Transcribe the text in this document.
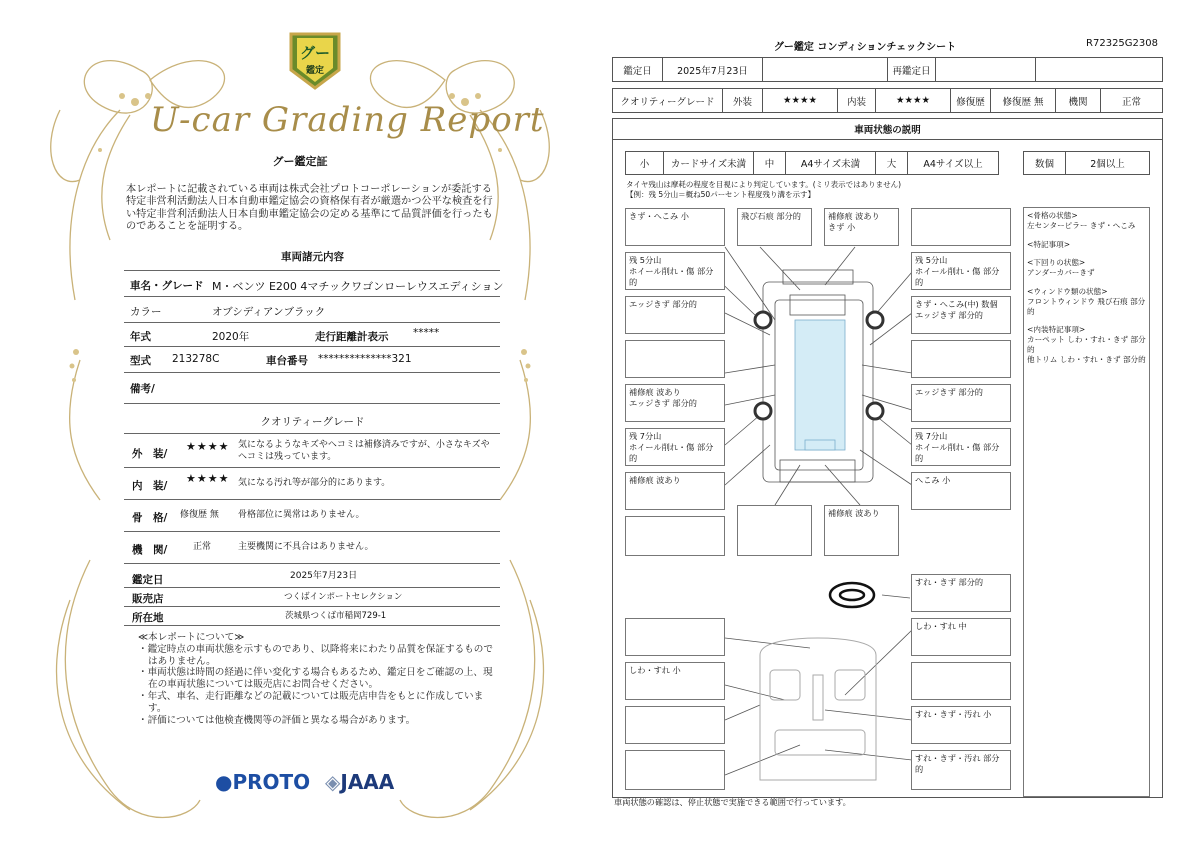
グー
鑑定
U-car Grading Report
グー鑑定証
本レポートに記載されている車両は株式会社プロトコーポレーションが委託する特定非営利活動法人日本自動車鑑定協会の資格保有者が厳選かつ公平な検査を行い特定非営利活動法人日本自動車鑑定協会の定める基準にて品質評価を行ったものであることを証明する。
車両諸元内容
車名・グレード M・ベンツ E200 4マチックワゴンローレウスエディション
カラー	オブシディアンブラック
年式	2020年	走行距離計表示 *****
型式 213278C	車台番号 **************321
備考/
クオリティーグレード
外　装/
★★★★ 気になるようなキズやヘコミは補修済みですが、小さなキズやヘコミは残っています。
内　装/
★★★★ 気になる汚れ等が部分的にあります。
骨　格/ 修復歴 無 骨格部位に異常はありません。
機　関/	正常	主要機関に不具合はありません。
鑑定日	2025年7月23日
販売店	つくばインポートセレクション
所在地	茨城県つくば市稲岡729-1
≪本レポートについて≫
・鑑定時点の車両状態を示すものであり、以降将来にわたり品質を保証するものではありません。
・車両状態は時間の経過に伴い変化する場合もあるため、鑑定日をご確認の上、現在の車両状態については販売店にお問合せください。
・年式、車名、走行距離などの記載については販売店申告をもとに作成しています。
・評価については他検査機関等の評価と異なる場合があります。
●PROTO ◈JAAA
グー鑑定 コンディションチェックシート	R72325G2308
鑑定日	2025年7月23日	再鑑定日
クオリティーグレード	外装	★★★★	内装	★★★★	修復歴	修復歴 無	機関	正常
車両状態の説明
小	カードサイズ未満	中	A4サイズ未満	大	A4サイズ以上	数個	2個以上
タイヤ残山は摩耗の程度を目視により判定しています。(ミリ表示ではありません)
【例：残 5分山＝概ね50パーセント程度残り溝を示す】
きず・へこみ 小	飛び石痕 部分的	補修痕 波あり
きず 小
残 5分山
ホイール削れ・傷 部分的
残 5分山
ホイール削れ・傷 部分的
エッジきず 部分的	きず・へこみ(中) 数個
エッジきず 部分的
補修痕 波あり
エッジきず 部分的
エッジきず 部分的
残 7分山
ホイール削れ・傷 部分的
残 7分山
ホイール削れ・傷 部分的
補修痕 波あり	へこみ 小
補修痕 波あり
すれ・きず 部分的
しわ・すれ 中
しわ・すれ 小
すれ・きず・汚れ 小
すれ・きず・汚れ 部分的

<骨格の状態>
左センターピラー きず・へこみ

<特記事項>

<下回りの状態>
アンダーカバーきず

<ウィンドウ類の状態>
フロントウィンドウ 飛び石痕 部分的

<内装特記事項>
カーペット しわ・すれ・きず 部分的
他トリム しわ・すれ・きず 部分的

車両状態の確認は、停止状態で実施できる範囲で行っています。
